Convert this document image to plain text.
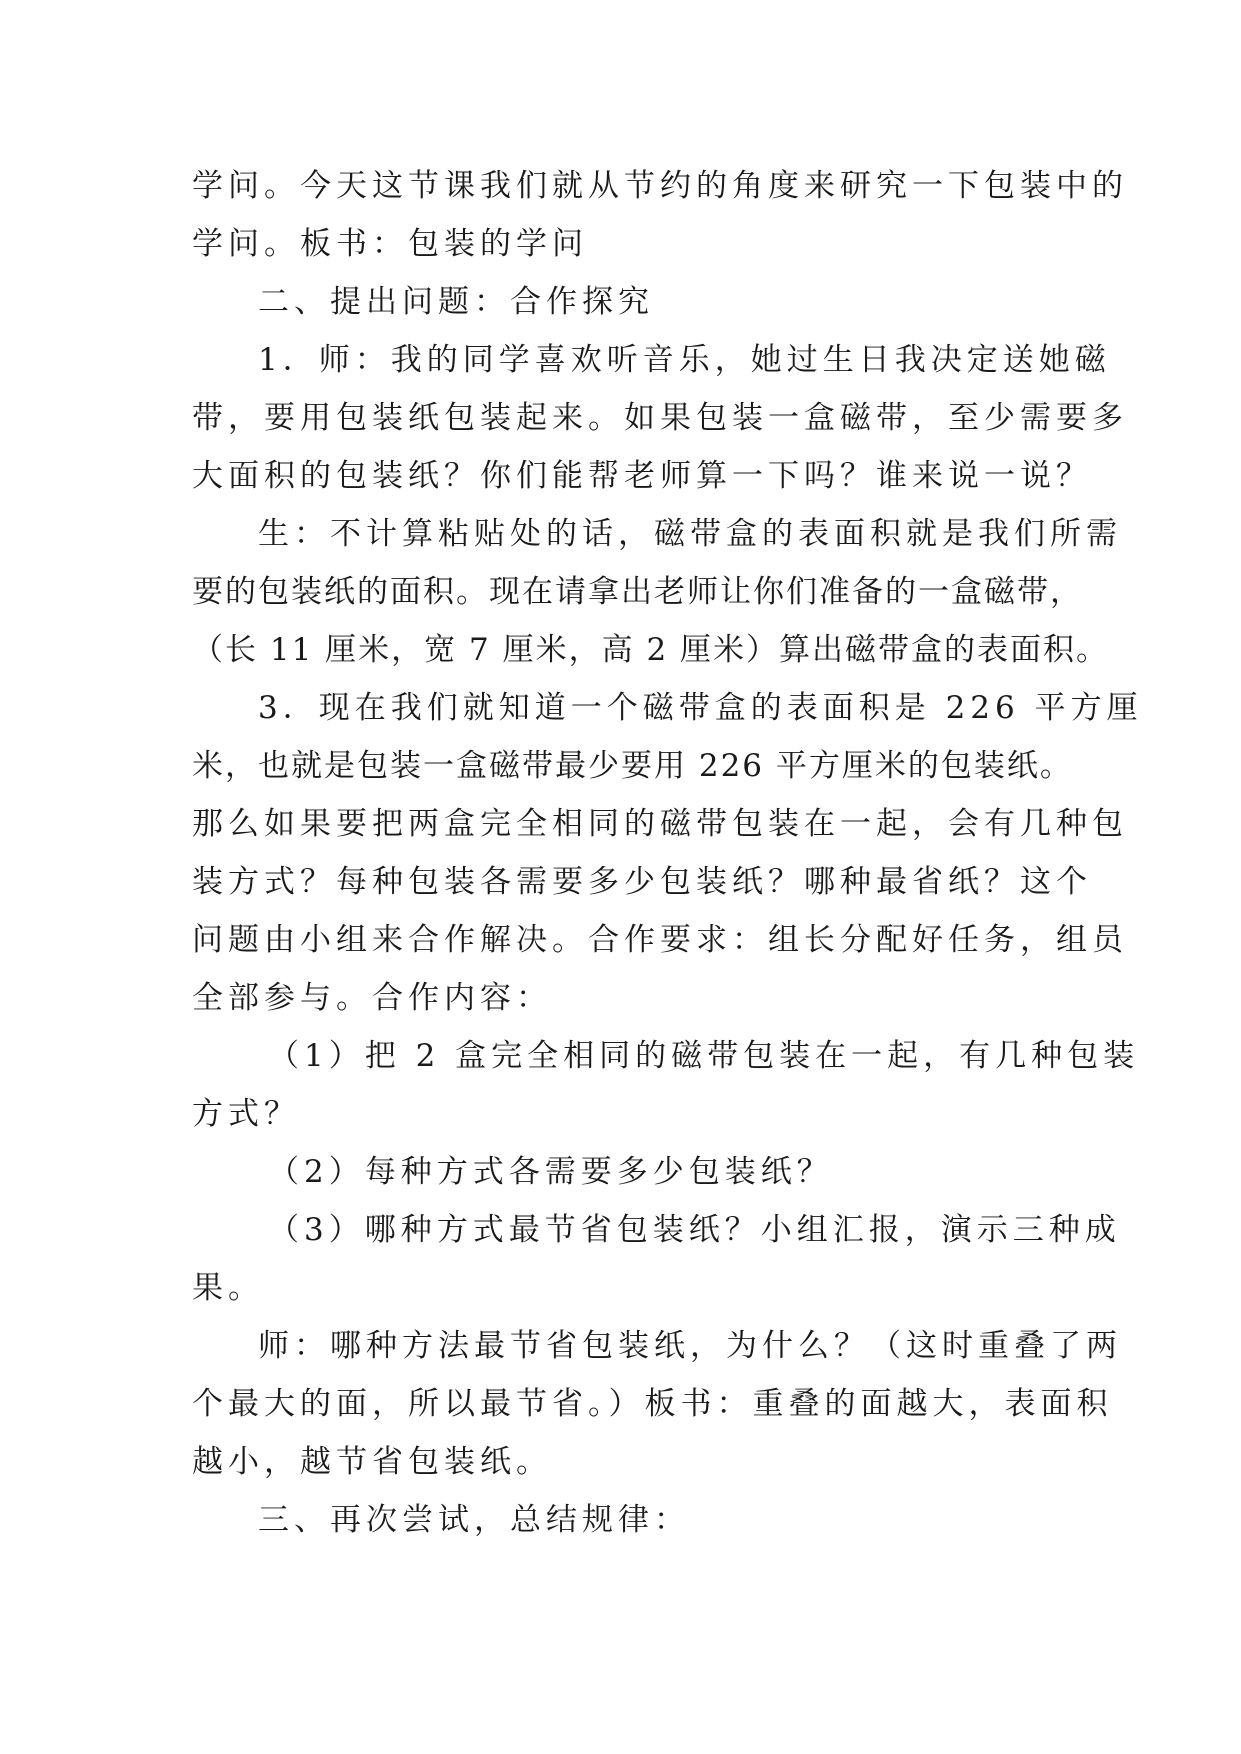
学问。今天这节课我们就从节约的角度来研究一下包装中的
学问。板书：包装的学问
二、提出问题：合作探究
1．师：我的同学喜欢听音乐，她过生日我决定送她磁
带，要用包装纸包装起来。如果包装一盒磁带，至少需要多
大面积的包装纸？你们能帮老师算一下吗？谁来说一说？
生：不计算粘贴处的话，磁带盒的表面积就是我们所需
要的包装纸的面积。现在请拿出老师让你们准备的一盒磁带，
（长 11 厘米，宽 7 厘米，高 2 厘米）算出磁带盒的表面积。
3．现在我们就知道一个磁带盒的表面积是 226 平方厘
米，也就是包装一盒磁带最少要用 226 平方厘米的包装纸。
那么如果要把两盒完全相同的磁带包装在一起，会有几种包
装方式？每种包装各需要多少包装纸？哪种最省纸？这个
问题由小组来合作解决。合作要求：组长分配好任务，组员
全部参与。合作内容：
（1）把 2 盒完全相同的磁带包装在一起，有几种包装
方式？
（2）每种方式各需要多少包装纸？
（3）哪种方式最节省包装纸？小组汇报，演示三种成
果。
师：哪种方法最节省包装纸，为什么？（这时重叠了两
个最大的面，所以最节省。）板书：重叠的面越大，表面积
越小，越节省包装纸。
三、再次尝试，总结规律：
